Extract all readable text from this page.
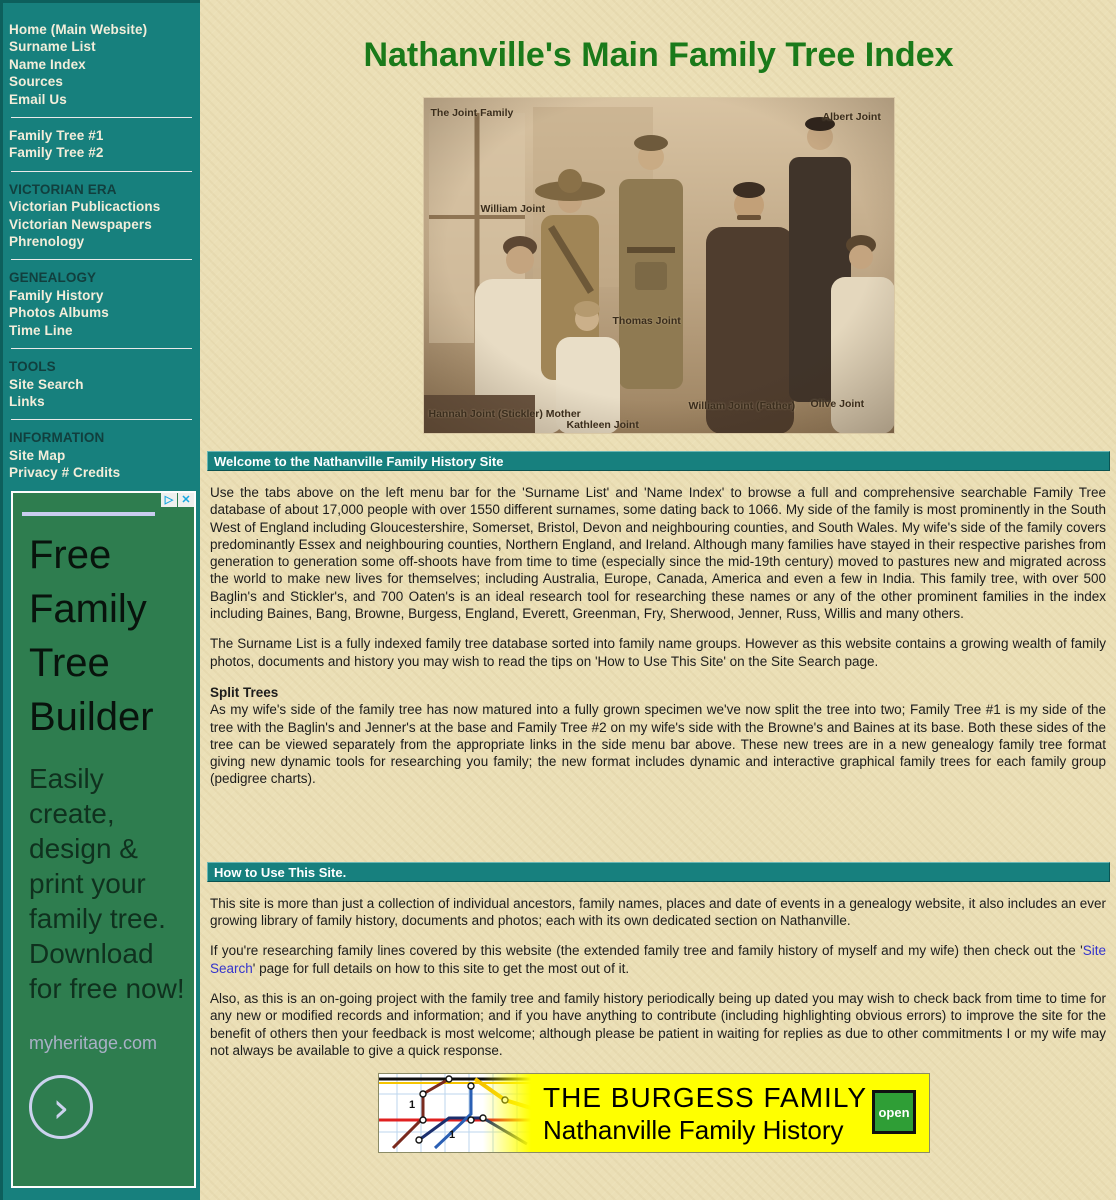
Home (Main Website)
Surname List
Name Index
Sources
Email Us
Family Tree #1
Family Tree #2
VICTORIAN ERA
Victorian Publicactions
Victorian Newspapers
Phrenology
GENEALOGY
Family History
Photos Albums
Time Line
TOOLS
Site Search
Links
INFORMATION
Site Map
Privacy # Credits
▷ ✕
Free Family Tree Builder
Easily create, design & print your family tree. Download for free now!
myheritage.com
›
Nathanville's Main Family Tree Index
The Joint Family	Albert Joint
William Joint
Thomas Joint
William Joint (Father) Olive Joint
Hannah Joint (Stickler) Mother
Kathleen Joint
Welcome to the Nathanville Family History Site

Use the tabs above on the left menu bar for the 'Surname List' and 'Name Index' to browse a full and comprehensive searchable Family Tree database of about 17,000 people with over 1550 different surnames, some dating back to 1066. My side of the family is most prominently in the South West of England including Gloucestershire, Somerset, Bristol, Devon and neighbouring counties, and South Wales. My wife's side of the family covers predominantly Essex and neighbouring counties, Northern England, and Ireland. Although many families have stayed in their respective parishes from generation to generation some off-shoots have from time to time (especially since the mid-19th century) moved to pastures new and migrated across the world to make new lives for themselves; including Australia, Europe, Canada, America and even a few in India. This family tree, with over 500 Baglin's and Stickler's, and 700 Oaten's is an ideal research tool for researching these names or any of the other prominent families in the index including Baines, Bang, Browne, Burgess, England, Everett, Greenman, Fry, Sherwood, Jenner, Russ, Willis and many others.

The Surname List is a fully indexed family tree database sorted into family name groups. However as this website contains a growing wealth of family photos, documents and history you may wish to read the tips on 'How to Use This Site' on the Site Search page.

Split Trees

As my wife's side of the family tree has now matured into a fully grown specimen we've now split the tree into two; Family Tree #1 is my side of the tree with the Baglin's and Jenner's at the base and Family Tree #2 on my wife's side with the Browne's and Baines at its base. Both these sides of the tree can be viewed separately from the appropriate links in the side menu bar above. These new trees are in a new genealogy family tree format giving new dynamic tools for researching you family; the new format includes dynamic and interactive graphical family trees for each family group (pedigree charts).

How to Use This Site.

This site is more than just a collection of individual ancestors, family names, places and date of events in a genealogy website, it also includes an ever growing library of family history, documents and photos; each with its own dedicated section on Nathanville.

If you're researching family lines covered by this website (the extended family tree and family history of myself and my wife) then check out the 'Site Search' page for full details on how to this site to get the most out of it.

Also, as this is an on-going project with the family tree and family history periodically being up dated you may wish to check back from time to time for any new or modified records and information; and if you have anything to contribute (including highlighting obvious errors) to improve the site for the benefit of others then your feedback is most welcome; although please be patient in waiting for replies as due to other commitments I or my wife may not always be available to give a quick response.

1
1
THE BURGESS FAMILY
Nathanville Family History
open
